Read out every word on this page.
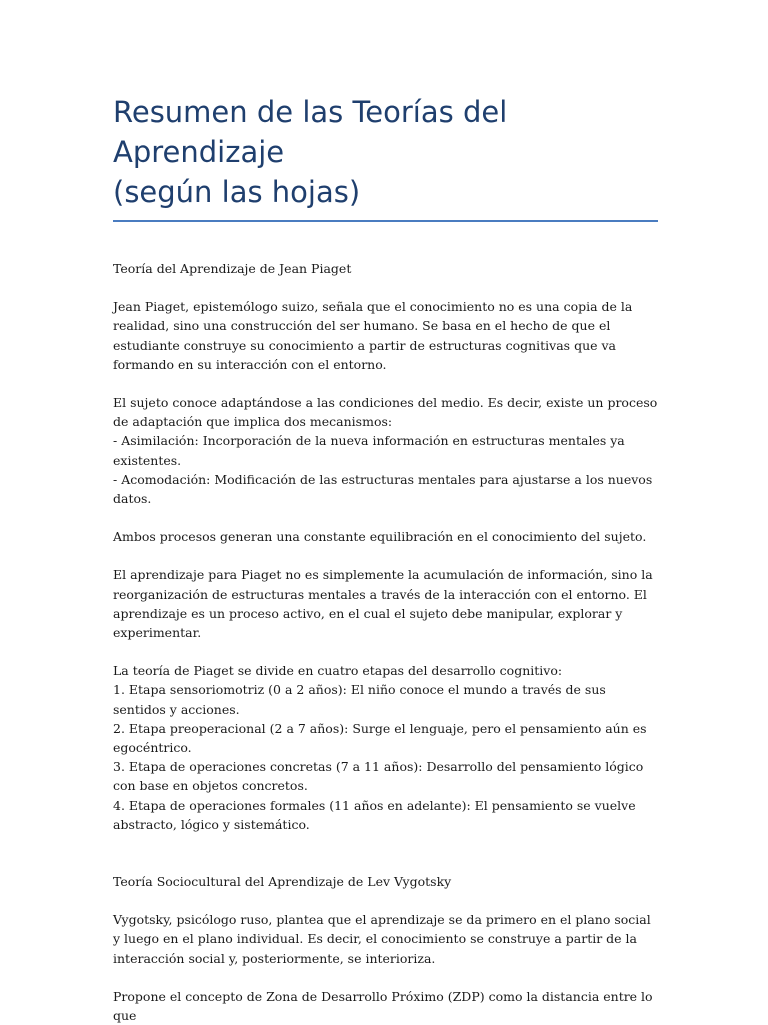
Resumen de las Teorías del Aprendizaje
(según las hojas)

Teoría del Aprendizaje de Jean Piaget

Jean Piaget, epistemólogo suizo, señala que el conocimiento no es una copia de la realidad, sino una construcción del ser humano. Se basa en el hecho de que el estudiante construye su conocimiento a partir de estructuras cognitivas que va formando en su interacción con el entorno.

El sujeto conoce adaptándose a las condiciones del medio. Es decir, existe un proceso de adaptación que implica dos mecanismos:

- Asimilación: Incorporación de la nueva información en estructuras mentales ya existentes.
- Acomodación: Modificación de las estructuras mentales para ajustarse a los nuevos datos.

Ambos procesos generan una constante equilibración en el conocimiento del sujeto.

El aprendizaje para Piaget no es simplemente la acumulación de información, sino la reorganización de estructuras mentales a través de la interacción con el entorno. El aprendizaje es un proceso activo, en el cual el sujeto debe manipular, explorar y experimentar.

La teoría de Piaget se divide en cuatro etapas del desarrollo cognitivo:

1. Etapa sensoriomotriz (0 a 2 años): El niño conoce el mundo a través de sus sentidos y acciones.
2. Etapa preoperacional (2 a 7 años): Surge el lenguaje, pero el pensamiento aún es egocéntrico.
3. Etapa de operaciones concretas (7 a 11 años): Desarrollo del pensamiento lógico con base en objetos concretos.
4. Etapa de operaciones formales (11 años en adelante): El pensamiento se vuelve abstracto, lógico y sistemático.

Teoría Sociocultural del Aprendizaje de Lev Vygotsky

Vygotsky, psicólogo ruso, plantea que el aprendizaje se da primero en el plano social y luego en el plano individual. Es decir, el conocimiento se construye a partir de la interacción social y, posteriormente, se interioriza.

Propone el concepto de Zona de Desarrollo Próximo (ZDP) como la distancia entre lo que
